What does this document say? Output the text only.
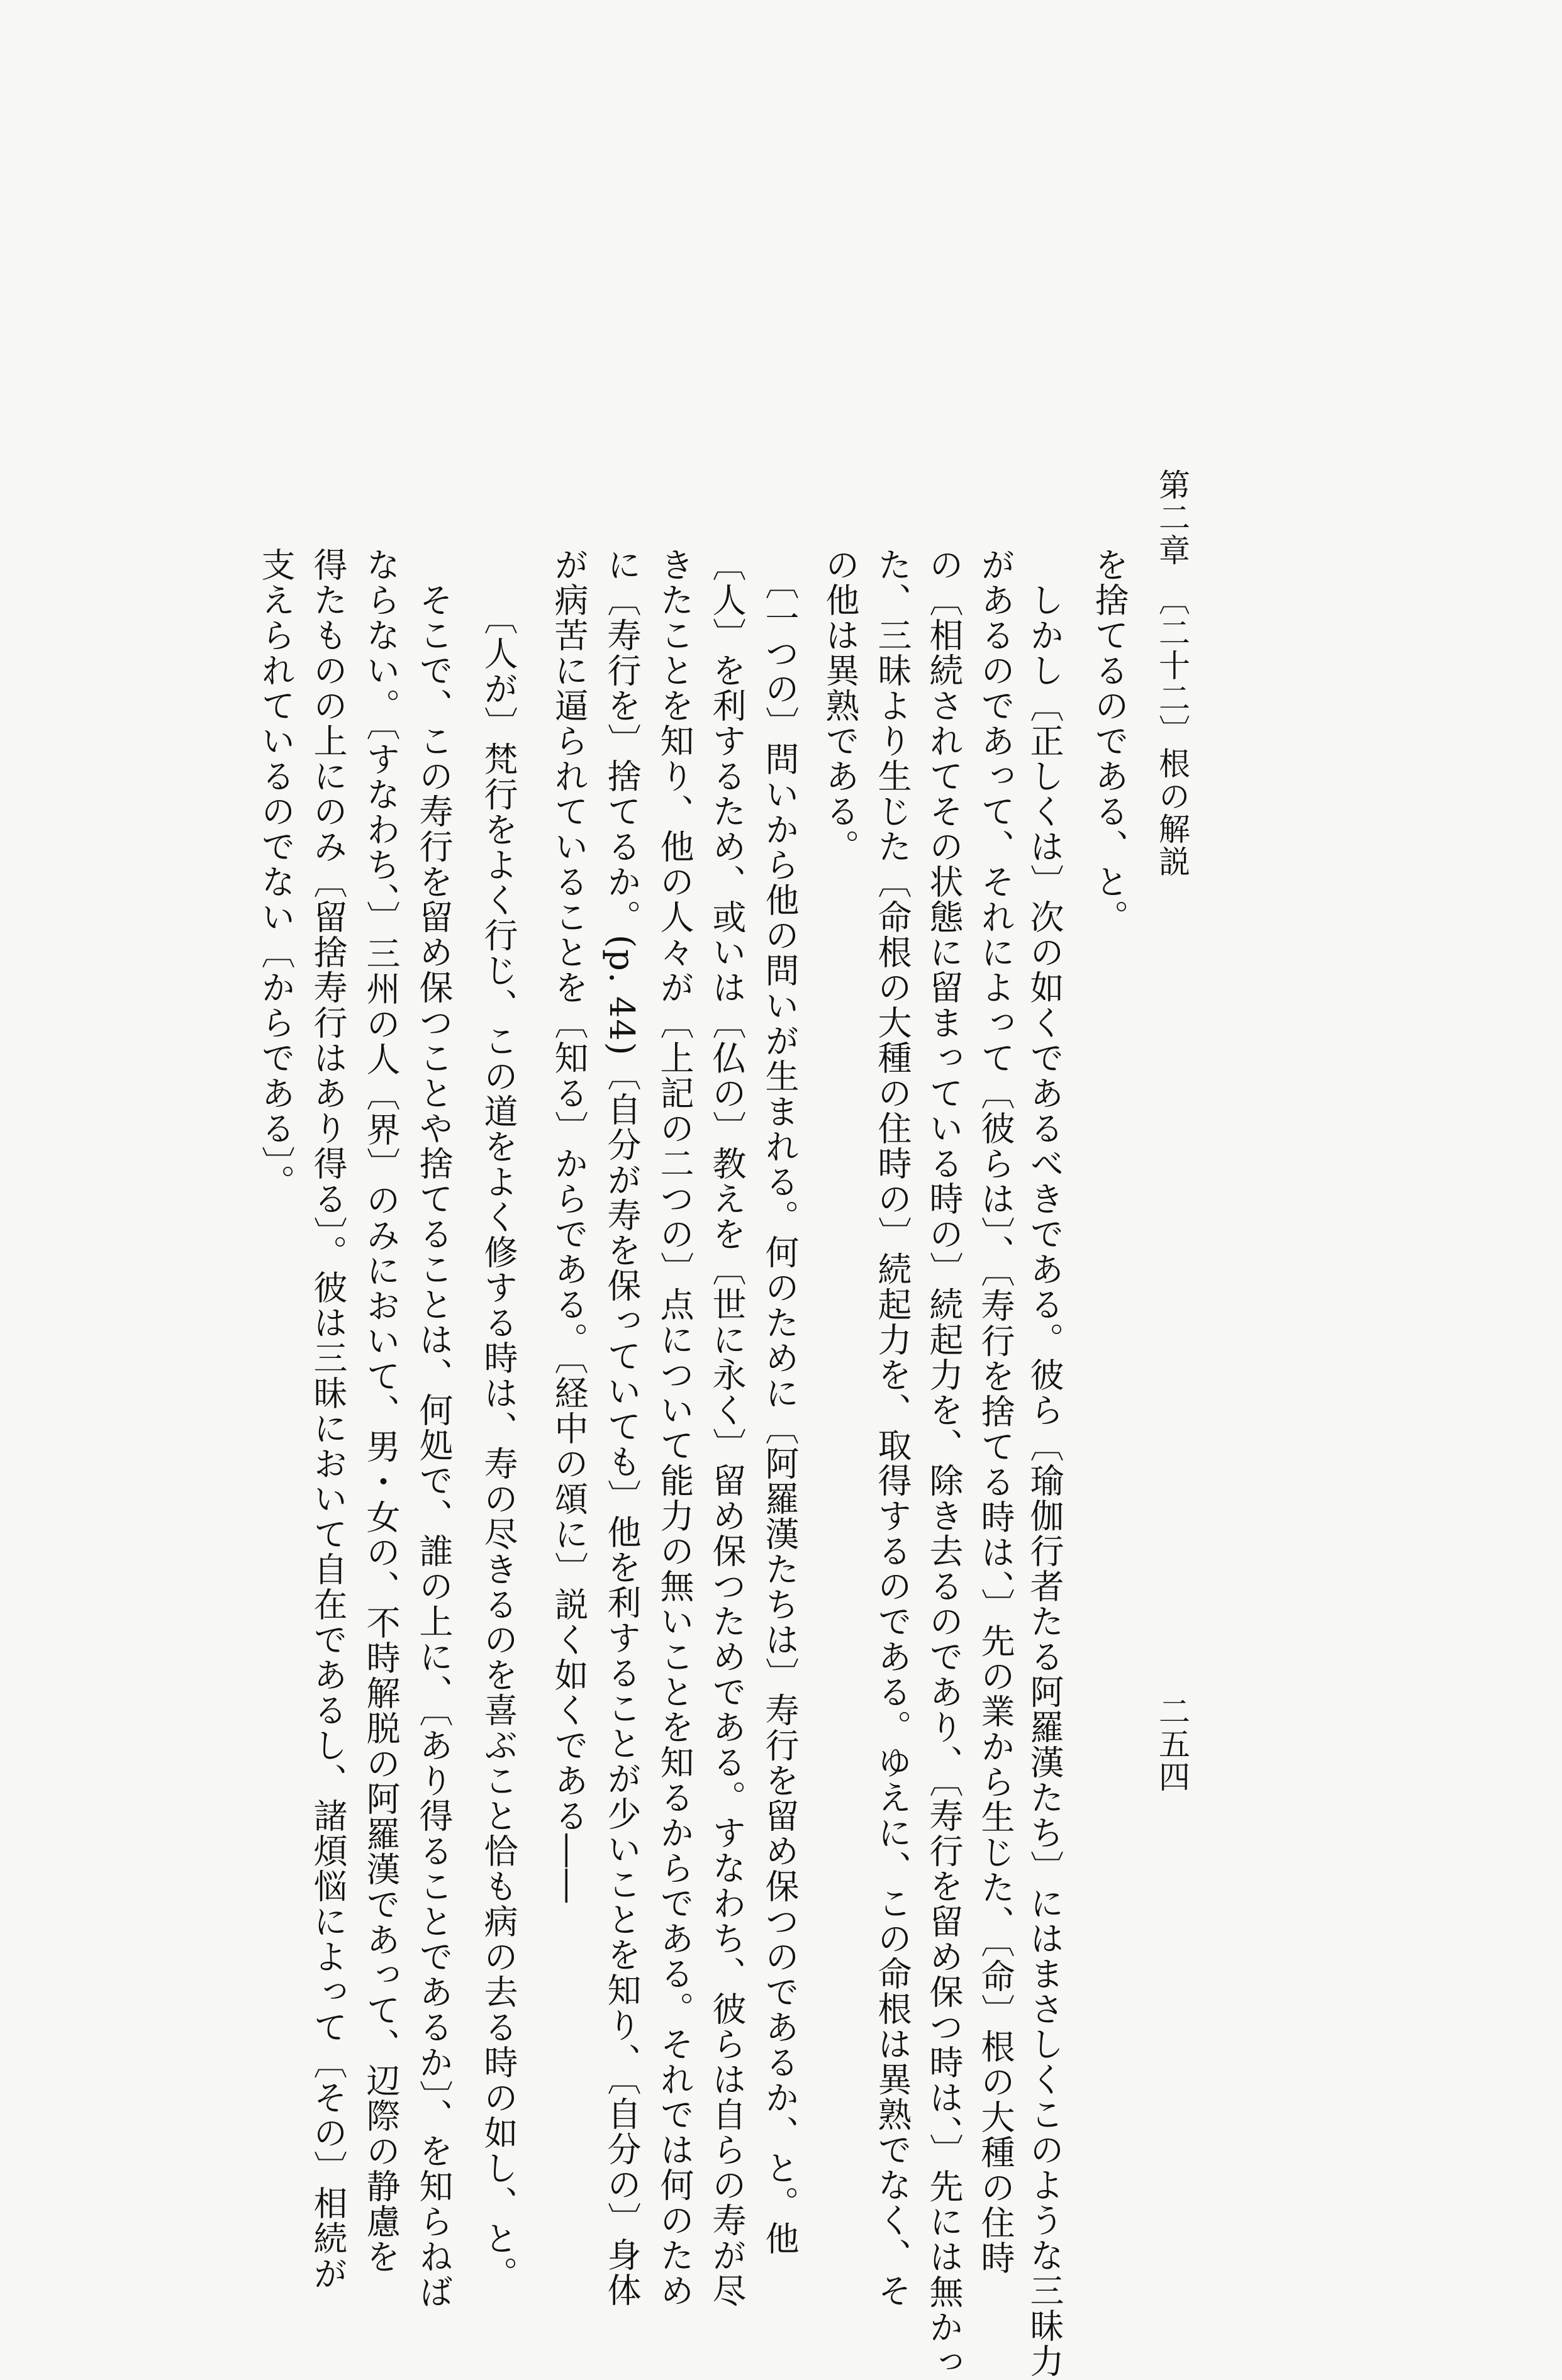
第二章　〔二十二〕根の解説
二五四
を捨てるのである、と。
　しかし〔正しくは〕次の如くであるべきである。彼ら〔瑜伽行者たる阿羅漢たち〕にはまさしくこのような三昧力
があるのであって、それによって〔彼らは〕、〔寿行を捨てる時は、〕先の業から生じた、〔命〕根の大種の住時
の〔相続されてその状態に留まっている時の〕続起力を、除き去るのであり、〔寿行を留め保つ時は、〕先には無かっ
た、三昧より生じた〔命根の大種の住時の〕続起力を、取得するのである。ゆえに、この命根は異熟でなく、そ
の他は異熟である。
　〔一つの〕問いから他の問いが生まれる。何のために〔阿羅漢たちは〕寿行を留め保つのであるか、と。他
〔人〕を利するため、或いは〔仏の〕教えを〔世に永く〕留め保つためである。すなわち、彼らは自らの寿が尽
きたことを知り、他の人々が〔上記の二つの〕点について能力の無いことを知るからである。それでは何のため
に〔寿行を〕捨てるか。(p. 44)〔自分が寿を保っていても〕他を利することが少いことを知り、〔自分の〕身体
が病苦に逼られていることを〔知る〕からである。〔経中の頌に〕説く如くである――
　　〔人が〕梵行をよく行じ、この道をよく修する時は、寿の尽きるのを喜ぶこと恰も病の去る時の如し、と。
　そこで、この寿行を留め保つことや捨てることは、何処で、誰の上に、〔あり得ることであるか〕、を知らねば
ならない。〔すなわち、〕三州の人〔界〕のみにおいて、男・女の、不時解脱の阿羅漢であって、辺際の静慮を
得たものの上にのみ〔留捨寿行はあり得る〕。彼は三昧において自在であるし、諸煩悩によって〔その〕相続が
支えられているのでない〔からである〕。
